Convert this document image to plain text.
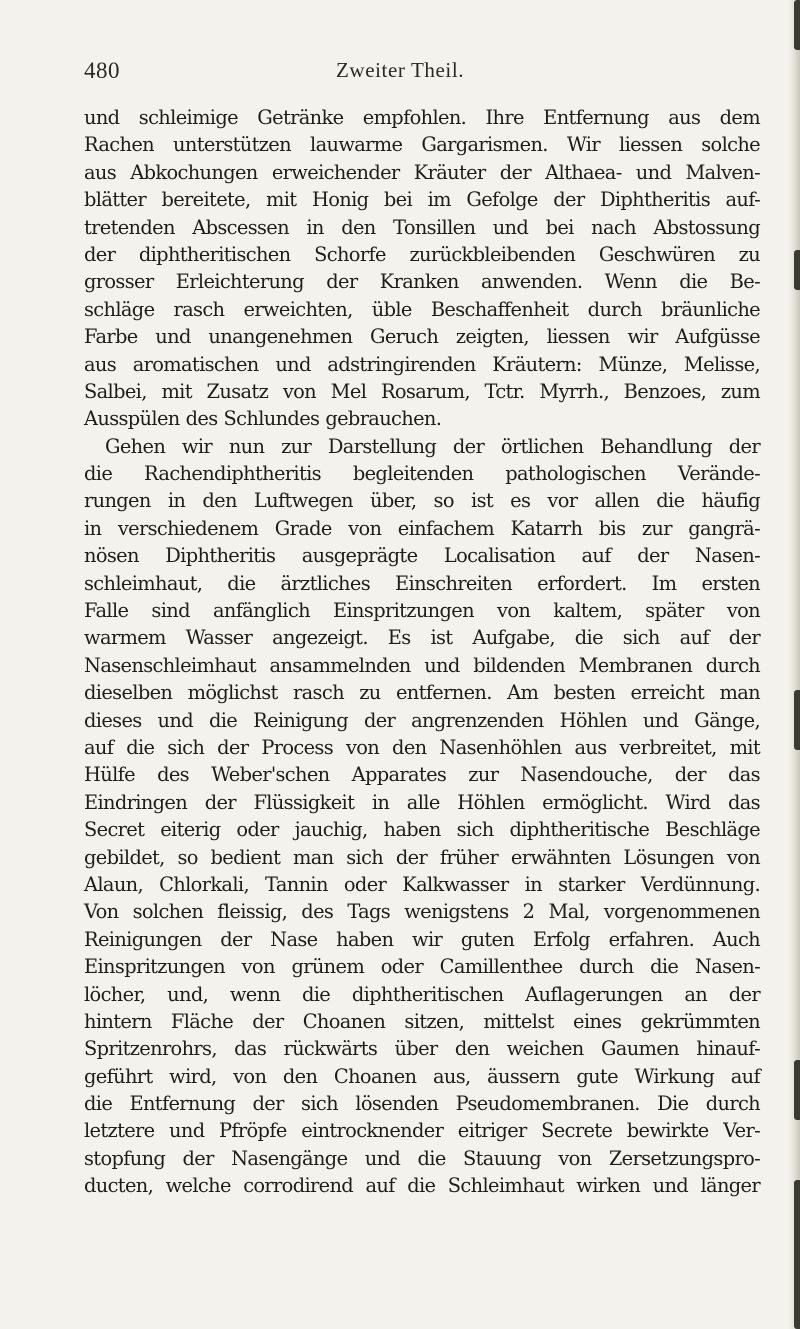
480	Zweiter Theil.
und schleimige Getränke empfohlen. Ihre Entfernung aus dem
Rachen unterstützen lauwarme Gargarismen. Wir liessen solche
aus Abkochungen erweichender Kräuter der Althaea- und Malven-
blätter bereitete, mit Honig bei im Gefolge der Diphtheritis auf-
tretenden Abscessen in den Tonsillen und bei nach Abstossung
der diphtheritischen Schorfe zurückbleibenden Geschwüren zu
grosser Erleichterung der Kranken anwenden. Wenn die Be-
schläge rasch erweichten, üble Beschaffenheit durch bräunliche
Farbe und unangenehmen Geruch zeigten, liessen wir Aufgüsse
aus aromatischen und adstringirenden Kräutern: Münze, Melisse,
Salbei, mit Zusatz von Mel Rosarum, Tctr. Myrrh., Benzoes, zum
Ausspülen des Schlundes gebrauchen.
Gehen wir nun zur Darstellung der örtlichen Behandlung der
die Rachendiphtheritis begleitenden pathologischen Verände-
rungen in den Luftwegen über, so ist es vor allen die häufig
in verschiedenem Grade von einfachem Katarrh bis zur gangrä-
nösen Diphtheritis ausgeprägte Localisation auf der Nasen-
schleimhaut, die ärztliches Einschreiten erfordert. Im ersten
Falle sind anfänglich Einspritzungen von kaltem, später von
warmem Wasser angezeigt. Es ist Aufgabe, die sich auf der
Nasenschleimhaut ansammelnden und bildenden Membranen durch
dieselben möglichst rasch zu entfernen. Am besten erreicht man
dieses und die Reinigung der angrenzenden Höhlen und Gänge,
auf die sich der Process von den Nasenhöhlen aus verbreitet, mit
Hülfe des Weber'schen Apparates zur Nasendouche, der das
Eindringen der Flüssigkeit in alle Höhlen ermöglicht. Wird das
Secret eiterig oder jauchig, haben sich diphtheritische Beschläge
gebildet, so bedient man sich der früher erwähnten Lösungen von
Alaun, Chlorkali, Tannin oder Kalkwasser in starker Verdünnung.
Von solchen fleissig, des Tags wenigstens 2 Mal, vorgenommenen
Reinigungen der Nase haben wir guten Erfolg erfahren. Auch
Einspritzungen von grünem oder Camillenthee durch die Nasen-
löcher, und, wenn die diphtheritischen Auflagerungen an der
hintern Fläche der Choanen sitzen, mittelst eines gekrümmten
Spritzenrohrs, das rückwärts über den weichen Gaumen hinauf-
geführt wird, von den Choanen aus, äussern gute Wirkung auf
die Entfernung der sich lösenden Pseudomembranen. Die durch
letztere und Pfröpfe eintrocknender eitriger Secrete bewirkte Ver-
stopfung der Nasengänge und die Stauung von Zersetzungspro-
ducten, welche corrodirend auf die Schleimhaut wirken und länger
